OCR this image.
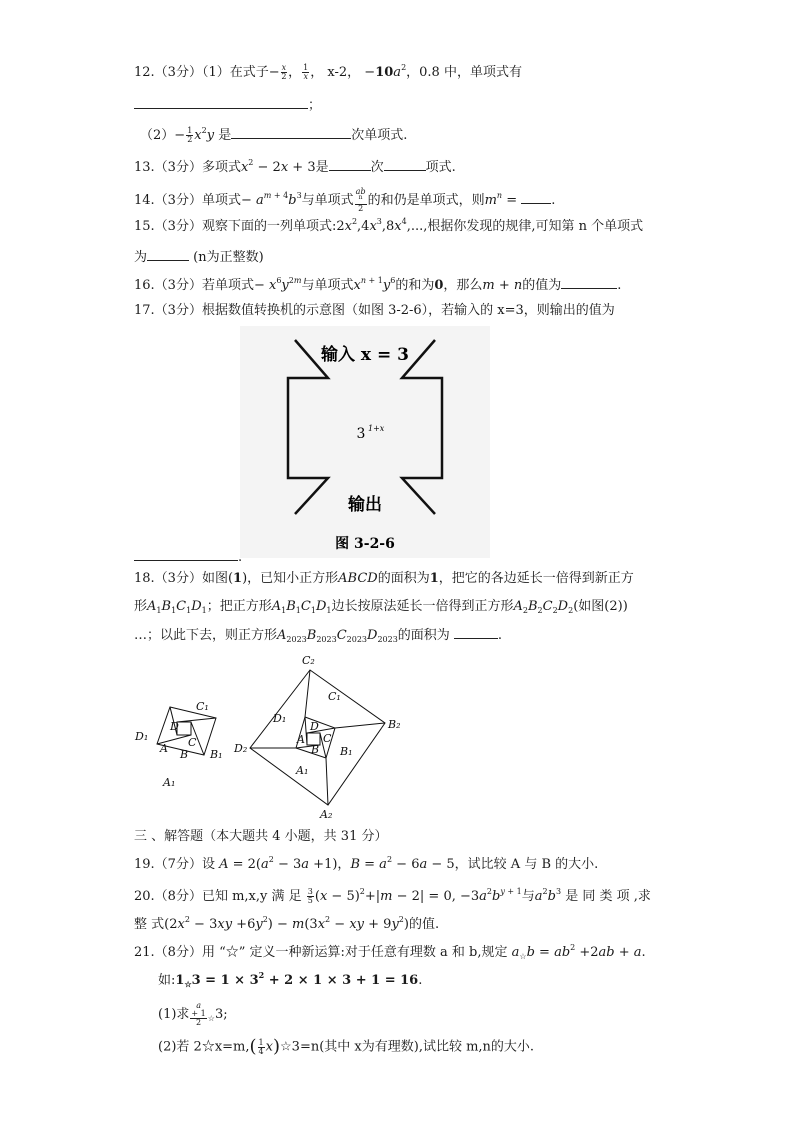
12.（3分）（1）在式子− $\frac{x}{2}$ ， $\frac{1}{x}$ ， x-2， $-10a^2$，0.8 中，单项式有
；
$(2)- \frac{1}{2} x^2y$ 是	次单项式.
13.（3分）多项式$x^2 - 2x + 3$是	次	项式.
14.（3分）单项式− $a^{m + 4}b^3$与单项式 ab
$^n$
2 的和仍是单项式，则$m^n$ = .
15.（3分）观察下面的一列单项式$:2x^2,4x^3,8x^4$,...,根据你发现的规律,可知第 n 个单项式
为	(n为正整数)
16.（3分）若单项式− $x^6y^{2m}$与单项式$x^{n + 1}y^6$的和为0，那么m + n的值为	.
17.（3分）根据数值转换机的示意图（如图 3-2-6），若输入的 x=3，则输出的值为
输入 x = 3
3 1+x
输出
图 3-2-6
.
18.（3分）如图(1)，已知小正方形ABCD的面积为1，把它的各边延长一倍得到新正方
形$A_1B_1C_1D_1$；把正方形$A_1B_1C_1D_1$边长按原法延长一倍得到正方形$A_2B_2C_2D_2$(如图(2))
…；以此下去，则正方形$A_{2023}B_{2023}C_{2023}D_{2023}$的面积为	.
C₁
D
C
D₁
A B B₁
A₁
C₂
C₁
D₁
D
C
A
B B₁
B₂
D₂
A₁
A₂
三 、解答题（本大题共 4 小题，共 31 分）
19.（7分）设 $A = 2(a^2 - 3a +1)$，$B = a^2 - 6a - 5$，试比较 A 与 B 的大小.
20.（8分）已知 m,x,y 满 足 $\frac{3}{5} (x - 5)^2+|m - 2| = 0$, $-3a^2b^{y + 1}$与$a^2b^3$ 是 同 类 项 ,求
整 式$(2x^2 - 3xy +6y^2) - m(3x^2$ − xy + $9y^2$)的值.
21.（8分）用 “☆” 定义一种新运算:对于任意有理数 a 和 b,规定 $a_☆b = ab^2 +2ab + a$.
如$:1_☆3 = 1 \times 3^2 + 2 \times 1 \times 3 + 1 = 16$.
(1)求 a
+ 1
2 $_☆$3;
(2)若 2☆x=m,( $\frac{1}{4}$ x)☆3=n(其中 x为有理数),试比较 m,n的大小.
